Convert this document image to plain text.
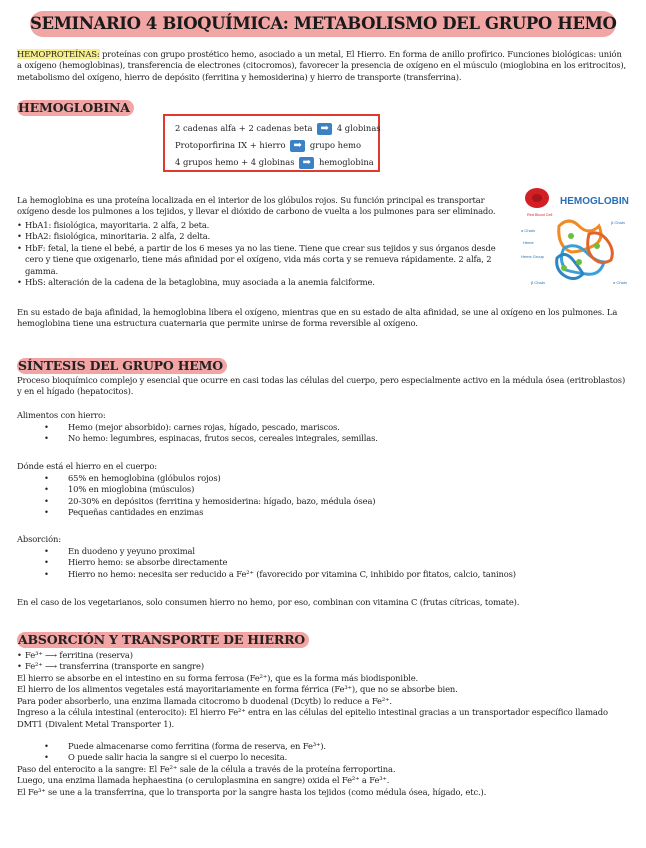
SEMINARIO 4 BIOQUÍMICA: METABOLISMO DEL GRUPO HEMO
HEMOPROTEÍNAS: proteínas con grupo prostético hemo, asociado a un metal, El Hierro. En forma de anillo profírico. Funciones biológicas: unión a oxígeno (hemoglobinas), transferencia de electrones (citocromos), favorecer la presencia de oxígeno en el músculo (mioglobina en los eritrocitos), metabolismo del oxígeno, hierro de depósito (ferritina y hemosiderina) y hierro de transporte (transferrina).
HEMOGLOBINA
2 cadenas alfa + 2 cadenas beta ➡ 4 globinas
Protoporfirina IX + hierro ➡ grupo hemo
4 grupos hemo + 4 globinas ➡ hemoglobina
La hemoglobina es una proteína localizada en el interior de los glóbulos rojos. Su función principal es transportar oxígeno desde los pulmones a los tejidos, y llevar el dióxido de carbono de vuelta a los pulmones para ser eliminado.
• HbA1: fisiológica, mayoritaria. 2 alfa, 2 beta.
• HbA2: fisiológica, minoritaria. 2 alfa, 2 delta.
• HbF: fetal, la tiene el bebé, a partir de los 6 meses ya no las tiene. Tiene que crear sus tejidos y sus órganos desde cero y tiene que oxigenarlo, tiene más afinidad por el oxígeno, vida más corta y se renueva rápidamente. 2 alfa, 2 gamma.
• HbS: alteración de la cadena de la betaglobina, muy asociada a la anemia falciforme.
HEMOGLOBIN
Red Blood Cell
β Chain
Heme
α Chain
Heme Group
β Chain	α Chain
En su estado de baja afinidad, la hemoglobina libera el oxígeno, mientras que en su estado de alta afinidad, se une al oxígeno en los pulmones. La hemoglobina tiene una estructura cuaternaria que permite unirse de forma reversible al oxígeno.
SÍNTESIS DEL GRUPO HEMO
Proceso bioquímico complejo y esencial que ocurre en casi todas las células del cuerpo, pero especialmente activo en la médula ósea (eritroblastos) y en el hígado (hepatocitos).
Alimentos con hierro:
• Hemo (mejor absorbido): carnes rojas, hígado, pescado, mariscos.
• No hemo: legumbres, espinacas, frutos secos, cereales integrales, semillas.
Dónde está el hierro en el cuerpo:
• 65% en hemoglobina (glóbulos rojos)
• 10% en mioglobina (músculos)
• 20-30% en depósitos (ferritina y hemosiderina: hígado, bazo, médula ósea)
• Pequeñas cantidades en enzimas
Absorción:
• En duodeno y yeyuno proximal
• Hierro hemo: se absorbe directamente
• Hierro no hemo: necesita ser reducido a Fe²⁺ (favorecido por vitamina C, inhibido por fitatos, calcio, taninos)
En el caso de los vegetarianos, solo consumen hierro no hemo, por eso, combinan con vitamina C (frutas cítricas, tomate).
ABSORCIÓN Y TRANSPORTE DE HIERRO
• Fe³⁺ ⟶ ferritina (reserva)
• Fe²⁺ ⟶ transferrina (transporte en sangre)
El hierro se absorbe en el intestino en su forma ferrosa (Fe²⁺), que es la forma más biodisponible.
El hierro de los alimentos vegetales está mayoritariamente en forma férrica (Fe³⁺), que no se absorbe bien.
Para poder absorberlo, una enzima llamada citocromo b duodenal (Dcytb) lo reduce a Fe²⁺.
Ingreso a la célula intestinal (enterocito): El hierro Fe²⁺ entra en las células del epitelio intestinal gracias a un transportador específico llamado DMT1 (Divalent Metal Transporter 1).
• Puede almacenarse como ferritina (forma de reserva, en Fe³⁺).
• O puede salir hacia la sangre si el cuerpo lo necesita.
Paso del enterocito a la sangre: El Fe²⁺ sale de la célula a través de la proteína ferroportina.
Luego, una enzima llamada hephaestina (o ceruloplasmina en sangre) oxida el Fe²⁺ a Fe³⁺.
El Fe³⁺ se une a la transferrina, que lo transporta por la sangre hasta los tejidos (como médula ósea, hígado, etc.).
